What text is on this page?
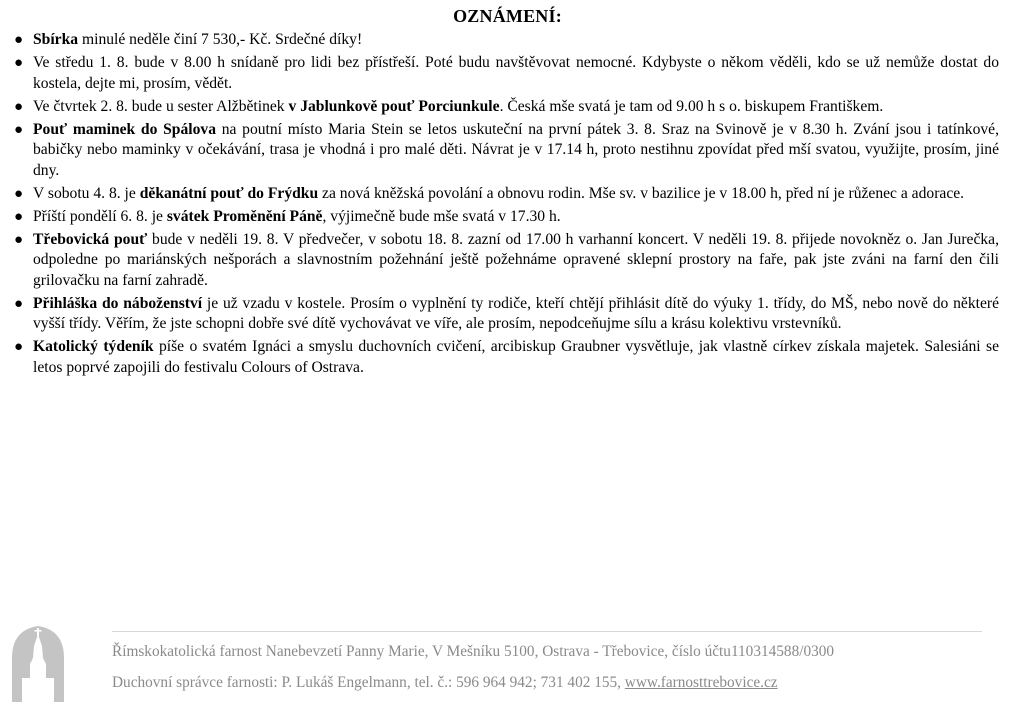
OZNÁMENÍ:
● Sbírka minulé neděle činí 7 530,- Kč. Srdečné díky!
● Ve středu 1. 8. bude v 8.00 h snídaně pro lidi bez přístřeší. Poté budu navštěvovat nemocné. Kdybyste o někom věděli, kdo se už nemůže dostat do kostela, dejte mi, prosím, vědět.
● Ve čtvrtek 2. 8. bude u sester Alžbětinek v Jablunkově pouť Porciunkule. Česká mše svatá je tam od 9.00 h s o. biskupem Františkem.
● Pouť maminek do Spálova na poutní místo Maria Stein se letos uskuteční na první pátek 3. 8. Sraz na Svinově je v 8.30 h. Zvání jsou i tatínkové, babičky nebo maminky v očekávání, trasa je vhodná i pro malé děti. Návrat je v 17.14 h, proto nestihnu zpovídat před mší svatou, využijte, prosím, jiné dny.
● V sobotu 4. 8. je děkanátní pouť do Frýdku za nová kněžská povolání a obnovu rodin. Mše sv. v bazilice je v 18.00 h, před ní je růženec a adorace.
● Příští pondělí 6. 8. je svátek Proměnění Páně, výjimečně bude mše svatá v 17.30 h.
● Třebovická pouť bude v neděli 19. 8. V předvečer, v sobotu 18. 8. zazní od 17.00 h varhanní koncert. V neděli 19. 8. přijede novokněz o. Jan Jurečka, odpoledne po mariánských nešporách a slavnostním požehnání ještě požehnáme opravené sklepní prostory na faře, pak jste zváni na farní den čili grilovačku na farní zahradě.
● Přihláška do náboženství je už vzadu v kostele. Prosím o vyplnění ty rodiče, kteří chtějí přihlásit dítě do výuky 1. třídy, do MŠ, nebo nově do některé vyšší třídy. Věřím, že jste schopni dobře své dítě vychovávat ve víře, ale prosím, nepodceňujme sílu a krásu kolektivu vrstevníků.
● Katolický týdeník píše o svatém Ignáci a smyslu duchovních cvičení, arcibiskup Graubner vysvětluje, jak vlastně církev získala majetek. Salesiáni se letos poprvé zapojili do festivalu Colours of Ostrava.
Římskokatolická farnost Nanebevzetí Panny Marie, V Mešníku 5100, Ostrava - Třebovice, číslo účtu110314588/0300
Duchovní správce farnosti: P. Lukáš Engelmann, tel. č.: 596 964 942; 731 402 155, www.farnosttrebovice.cz
